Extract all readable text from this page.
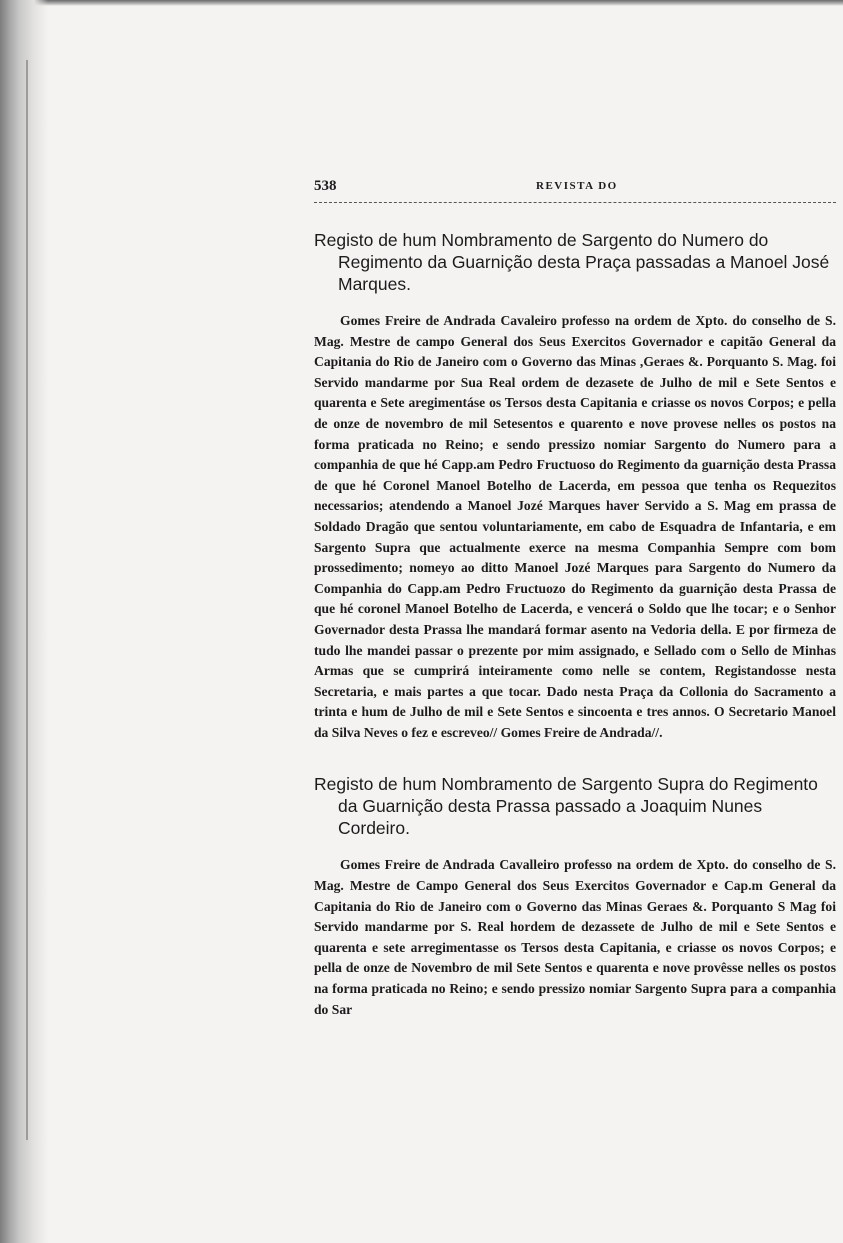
538	REVISTA DO
Registo de hum Nombramento de Sargento do Numero do Regimento da Guarnição desta Praça passadas a Manoel José Marques.

Gomes Freire de Andrada Cavaleiro professo na ordem de Xpto. do conselho de S. Mag. Mestre de campo General dos Seus Exercitos Governador e capitão General da Capitania do Rio de Janeiro com o Governo das Minas ,Geraes &. Porquanto S. Mag. foi Servido mandarme por Sua Real ordem de dezasete de Julho de mil e Sete Sentos e quarenta e Sete aregimentáse os Tersos desta Capitania e criasse os novos Corpos; e pella de onze de novembro de mil Setesentos e quarento e nove provese nelles os postos na forma praticada no Reino; e sendo pressizo nomiar Sargento do Numero para a companhia de que hé Capp.am Pedro Fructuoso do Regimento da guarnição desta Prassa de que hé Coronel Manoel Botelho de Lacerda, em pessoa que tenha os Requezitos necessarios; atendendo a Manoel Jozé Marques haver Servido a S. Mag em prassa de Soldado Dragão que sentou voluntariamente, em cabo de Esquadra de Infantaria, e em Sargento Supra que actualmente exerce na mesma Companhia Sempre com bom prossedimento; nomeyo ao ditto Manoel Jozé Marques para Sargento do Numero da Companhia do Capp.am Pedro Fructuozo do Regimento da guarnição desta Prassa de que hé coronel Manoel Botelho de Lacerda, e vencerá o Soldo que lhe tocar; e o Senhor Governador desta Prassa lhe mandará formar asento na Vedoria della. E por firmeza de tudo lhe mandei passar o prezente por mim assignado, e Sellado com o Sello de Minhas Armas que se cumprirá inteiramente como nelle se contem, Registandosse nesta Secretaria, e mais partes a que tocar. Dado nesta Praça da Collonia do Sacramento a trinta e hum de Julho de mil e Sete Sentos e sincoenta e tres annos. O Secretario Manoel da Silva Neves o fez e escreveo// Gomes Freire de Andrada//.

Registo de hum Nombramento de Sargento Supra do Regimento da Guarnição desta Prassa passado a Joaquim Nunes Cordeiro.

Gomes Freire de Andrada Cavalleiro professo na ordem de Xpto. do conselho de S. Mag. Mestre de Campo General dos Seus Exercitos Governador e Cap.m General da Capitania do Rio de Janeiro com o Governo das Minas Geraes &. Porquanto S Mag foi Servido mandarme por S. Real hordem de dezassete de Julho de mil e Sete Sentos e quarenta e sete arregimentasse os Tersos desta Capitania, e criasse os novos Corpos; e pella de onze de Novembro de mil Sete Sentos e quarenta e nove provêsse nelles os postos na forma praticada no Reino; e sendo pressizo nomiar Sargento Supra para a companhia do Sar
